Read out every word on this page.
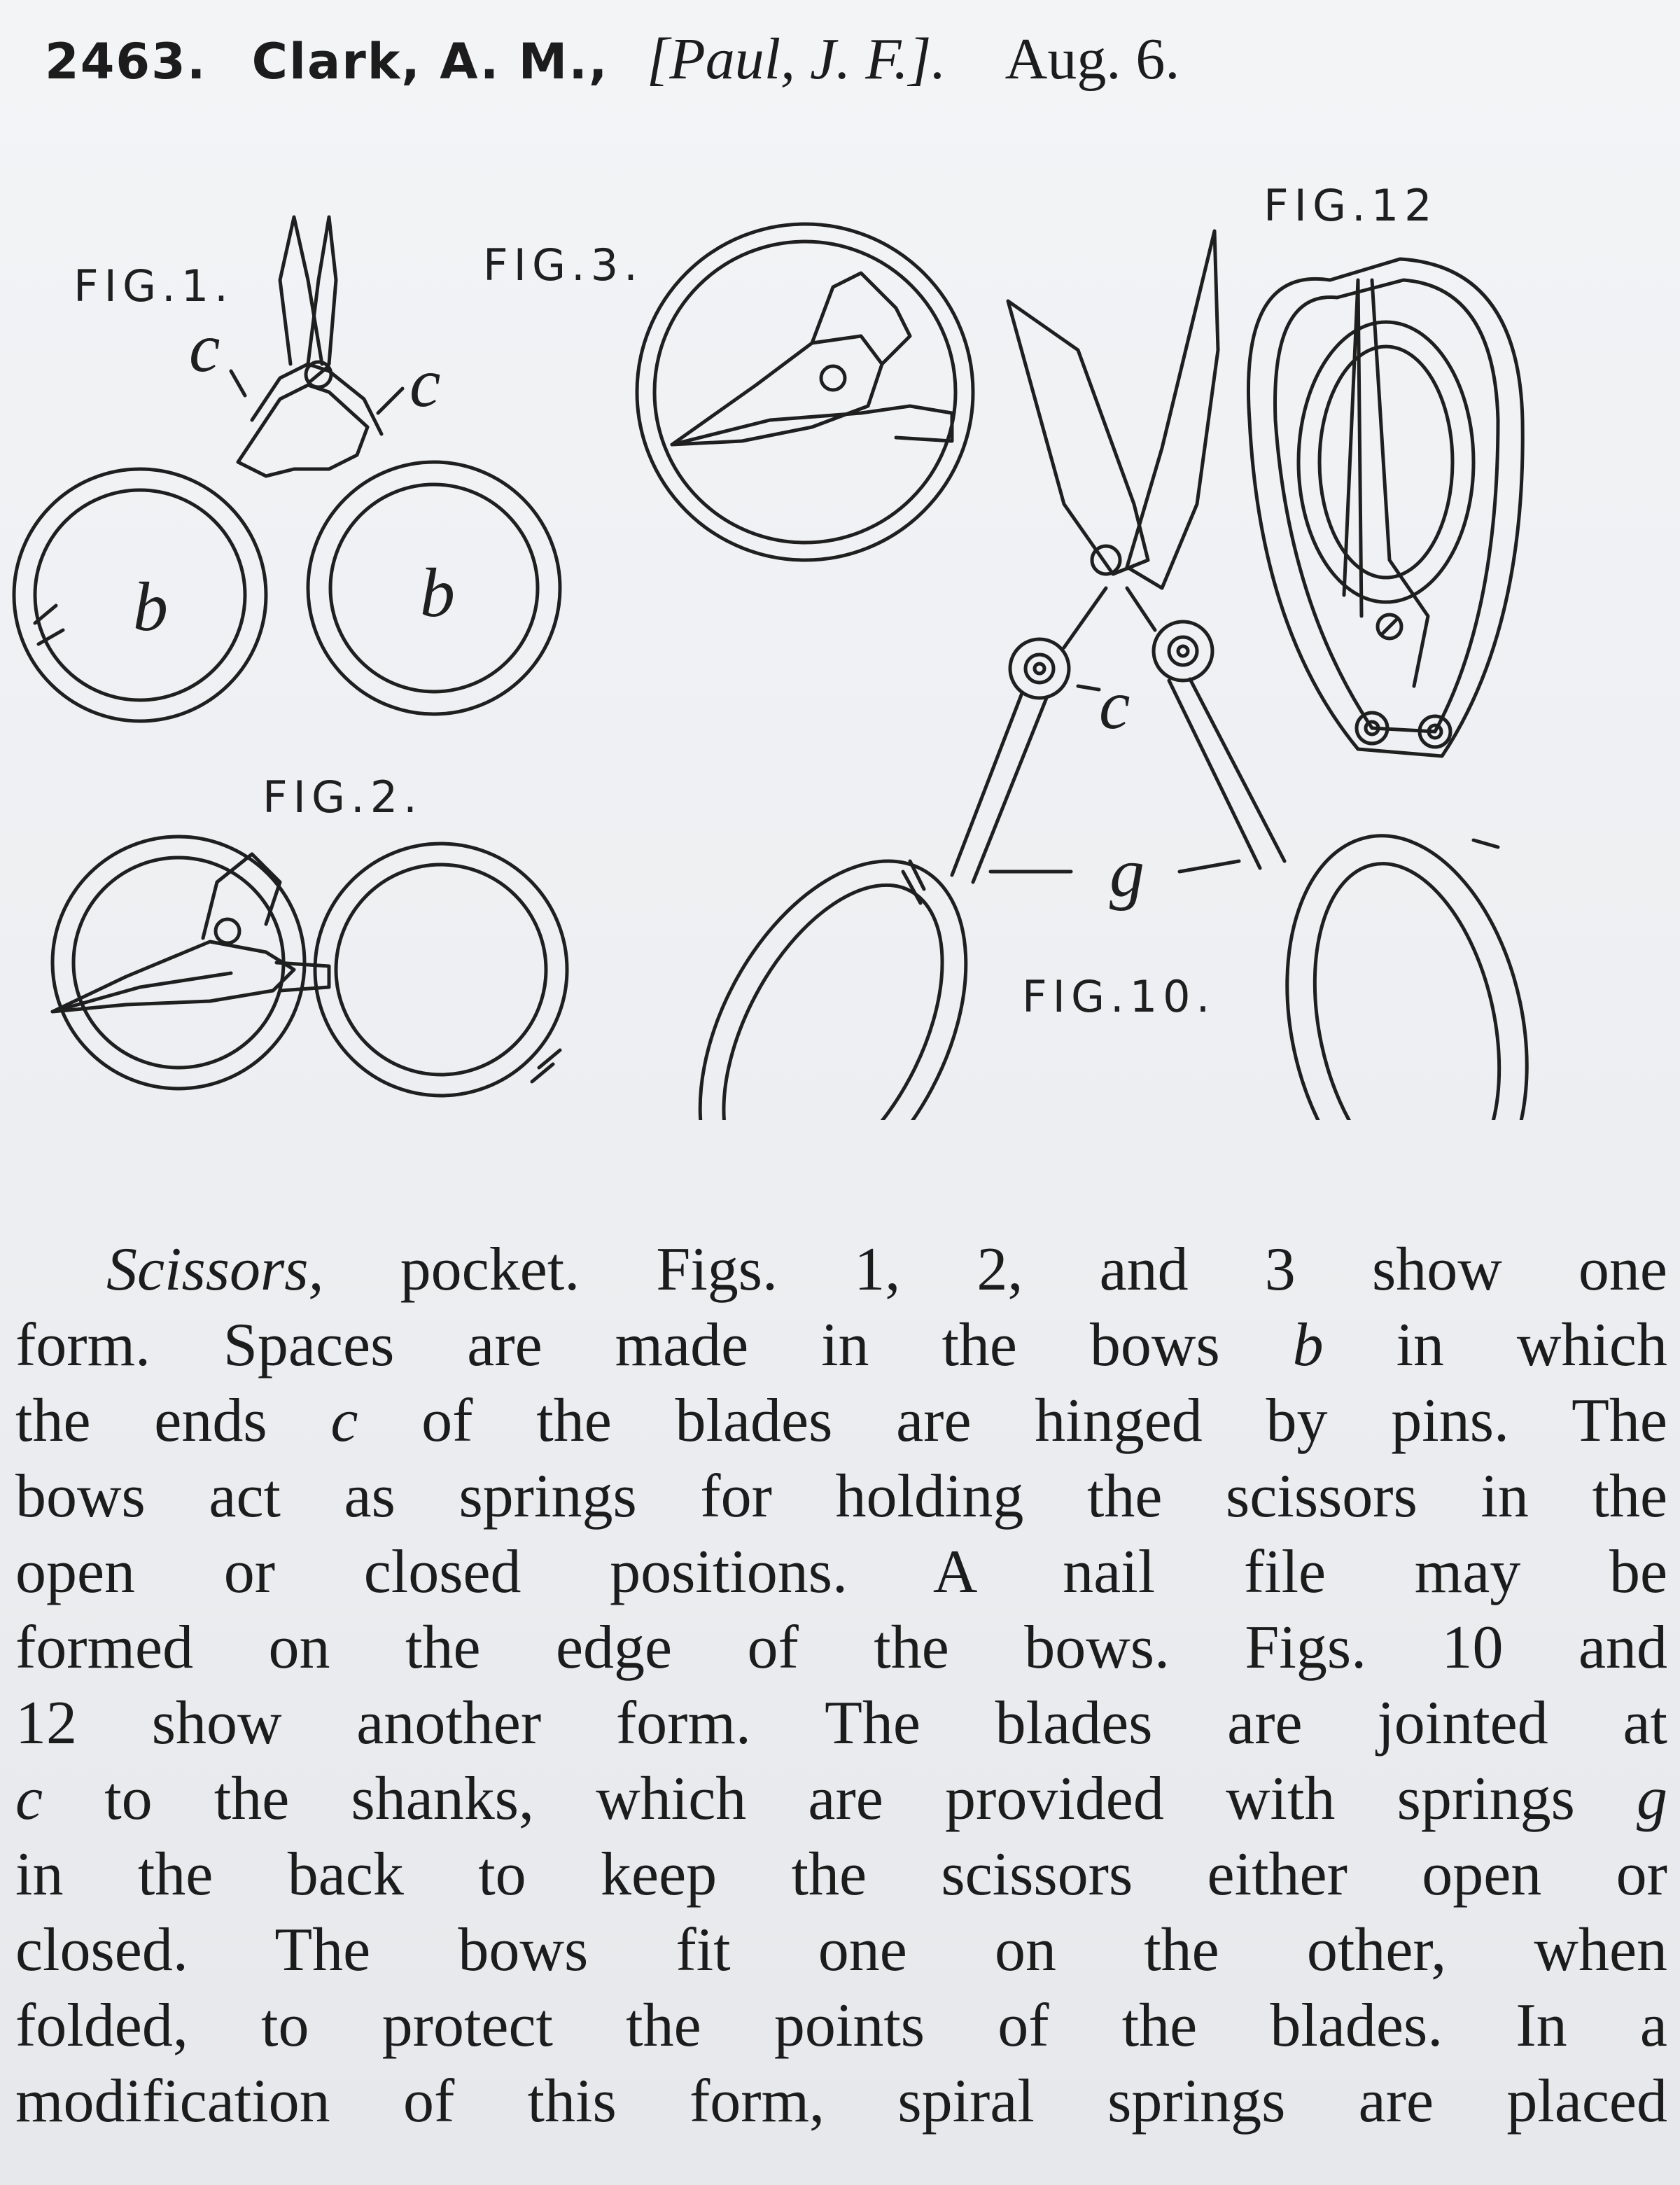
2463. Clark, A. M., [Paul, J. F.]. Aug. 6.
FIG.1.
c	c
b	b
FIG.2.
FIG.3.
c
g
FIG.10.
FIG.12
Scissors, pocket. Figs. 1, 2, and 3 show one
form. Spaces are made in the bows b in which
the ends c of the blades are hinged by pins. The
bows act as springs for holding the scissors in the
open or closed positions. A nail file may be
formed on the edge of the bows. Figs. 10 and
12 show another form. The blades are jointed at
c to the shanks, which are provided with springs g
in the back to keep the scissors either open or
closed. The bows fit one on the other, when
folded, to protect the points of the blades. In a
modification of this form, spiral springs are placed
